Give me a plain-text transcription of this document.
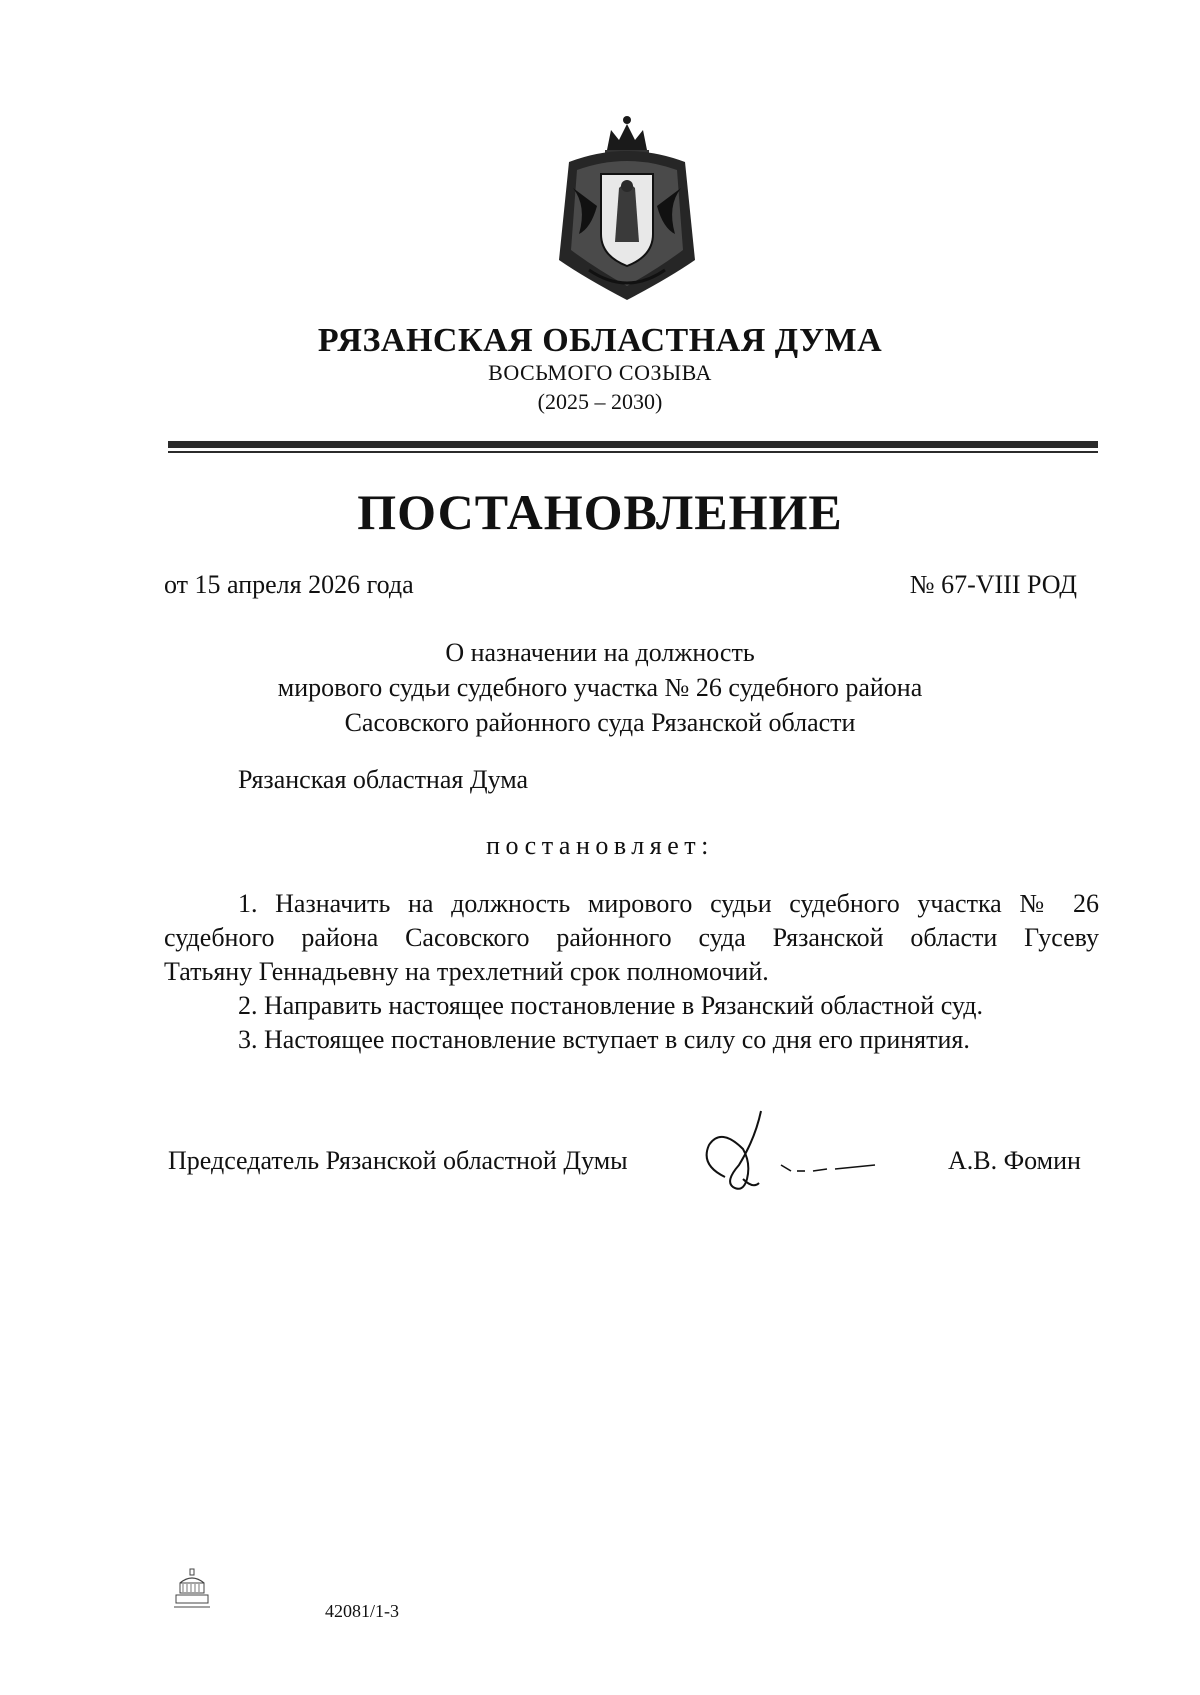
РЯЗАНСКАЯ ОБЛАСТНАЯ ДУМА
ВОСЬМОГО СОЗЫВА
(2025 – 2030)
ПОСТАНОВЛЕНИЕ
от 15 апреля 2026 года	№ 67-VIII РОД
О назначении на должность
мирового судьи судебного участка № 26 судебного района
Сасовского районного суда Рязанской области
Рязанская областная Дума
постановляет:
1. Назначить на должность мирового судьи судебного участка № 26
судебного района Сасовского районного суда Рязанской области Гусеву
Татьяну Геннадьевну на трехлетний срок полномочий.
2. Направить настоящее постановление в Рязанский областной суд.
3. Настоящее постановление вступает в силу со дня его принятия.
Председатель Рязанской областной Думы	А.В. Фомин
42081/1-3
